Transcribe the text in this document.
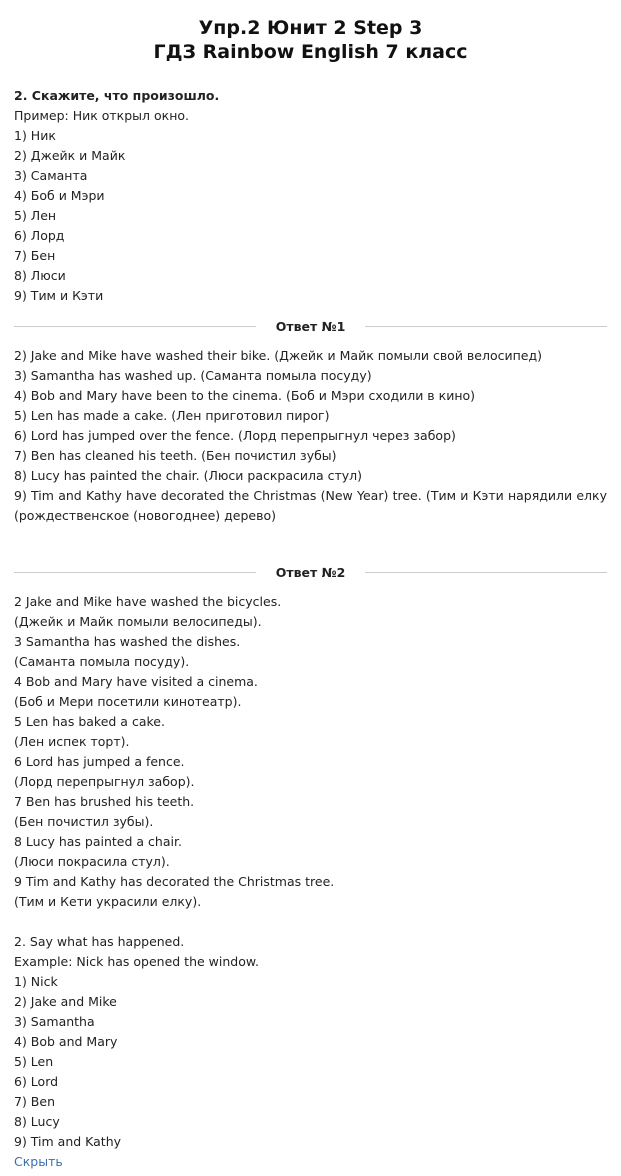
Упр.2 Юнит 2 Step 3
ГДЗ Rainbow English 7 класс
2. Скажите, что произошло.
Пример: Ник открыл окно.
1) Ник
2) Джейк и Майк
3) Саманта
4) Боб и Мэри
5) Лен
6) Лорд
7) Бен
8) Люси
9) Тим и Кэти
Ответ №1
2) Jake and Mike have washed their bike. (Джейк и Майк помыли свой велосипед)
3) Samantha has washed up. (Саманта помыла посуду)
4) Bob and Mary have been to the cinema. (Боб и Мэри сходили в кино)
5) Len has made a cake. (Лен приготовил пирог)
6) Lord has jumped over the fence. (Лорд перепрыгнул через забор)
7) Ben has cleaned his teeth. (Бен почистил зубы)
8) Lucy has painted the chair. (Люси раскрасила стул)
9) Tim and Kathy have decorated the Christmas (New Year) tree. (Тим и Кэти нарядили елку (рождественское (новогоднее) дерево)
Ответ №2
2 Jake and Mike have washed the bicycles.
(Джейк и Майк помыли велосипеды).
3 Samantha has washed the dishes.
(Саманта помыла посуду).
4 Bob and Mary have visited a cinema.
(Боб и Мери посетили кинотеатр).
5 Len has baked a cake.
(Лен испек торт).
6 Lord has jumped a fence.
(Лорд перепрыгнул забор).
7 Ben has brushed his teeth.
(Бен почистил зубы).
8 Lucy has painted a chair.
(Люси покрасила стул).
9 Tim and Kathy has decorated the Christmas tree.
(Тим и Кети украсили елку).
2. Say what has happened.
Example: Nick has opened the window.
1) Nick
2) Jake and Mike
3) Samantha
4) Bob and Mary
5) Len
6) Lord
7) Ben
8) Lucy
9) Tim and Kathy
Скрыть
